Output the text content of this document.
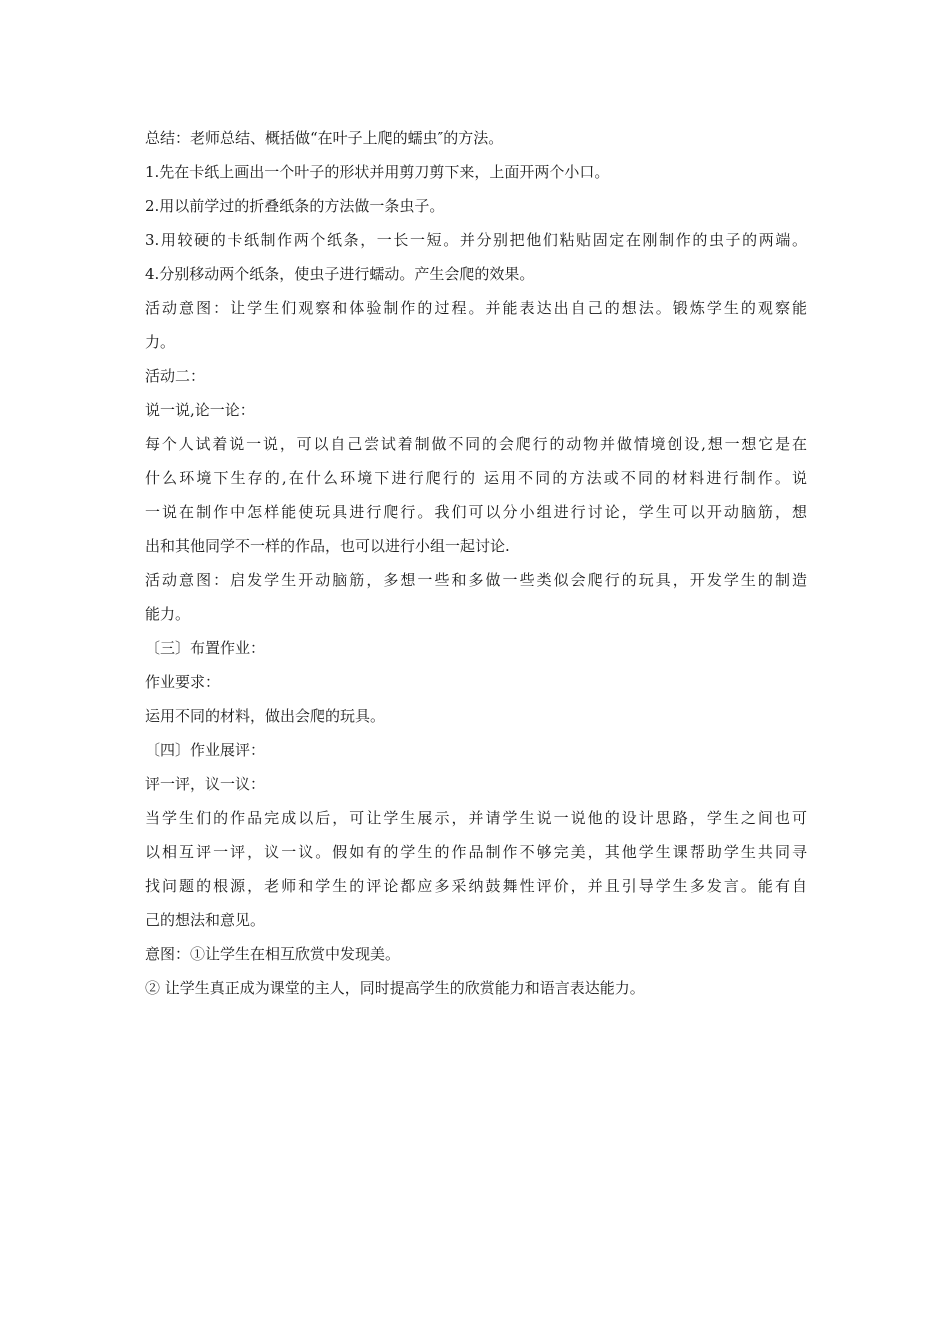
总结：老师总结、概括做“在叶子上爬的蠕虫″的方法。
1.先在卡纸上画出一个叶子的形状并用剪刀剪下来，上面开两个小口。
2.用以前学过的折叠纸条的方法做一条虫子。
3.用较硬的卡纸制作两个纸条，一长一短。并分别把他们粘贴固定在刚制作的虫子的两端。
4.分别移动两个纸条，使虫子进行蠕动。产生会爬的效果。
活动意图：让学生们观察和体验制作的过程。并能表达出自己的想法。锻炼学生的观察能
力。
活动二：
说一说,论一论：
每个人试着说一说，可以自己尝试着制做不同的会爬行的动物并做情境创设,想一想它是在
什么环境下生存的,在什么环境下进行爬行的 运用不同的方法或不同的材料进行制作。说
一说在制作中怎样能使玩具进行爬行。我们可以分小组进行讨论，学生可以开动脑筋，想
出和其他同学不一样的作品，也可以进行小组一起讨论.
活动意图：启发学生开动脑筋，多想一些和多做一些类似会爬行的玩具，开发学生的制造
能力。
〔三〕布置作业：
作业要求：
运用不同的材料，做出会爬的玩具。
〔四〕作业展评：
评一评，议一议：
当学生们的作品完成以后，可让学生展示，并请学生说一说他的设计思路，学生之间也可
以相互评一评，议一议。假如有的学生的作品制作不够完美，其他学生课帮助学生共同寻
找问题的根源，老师和学生的评论都应多采纳鼓舞性评价，并且引导学生多发言。能有自
己的想法和意见。
意图：①让学生在相互欣赏中发现美。
② 让学生真正成为课堂的主人，同时提高学生的欣赏能力和语言表达能力。
